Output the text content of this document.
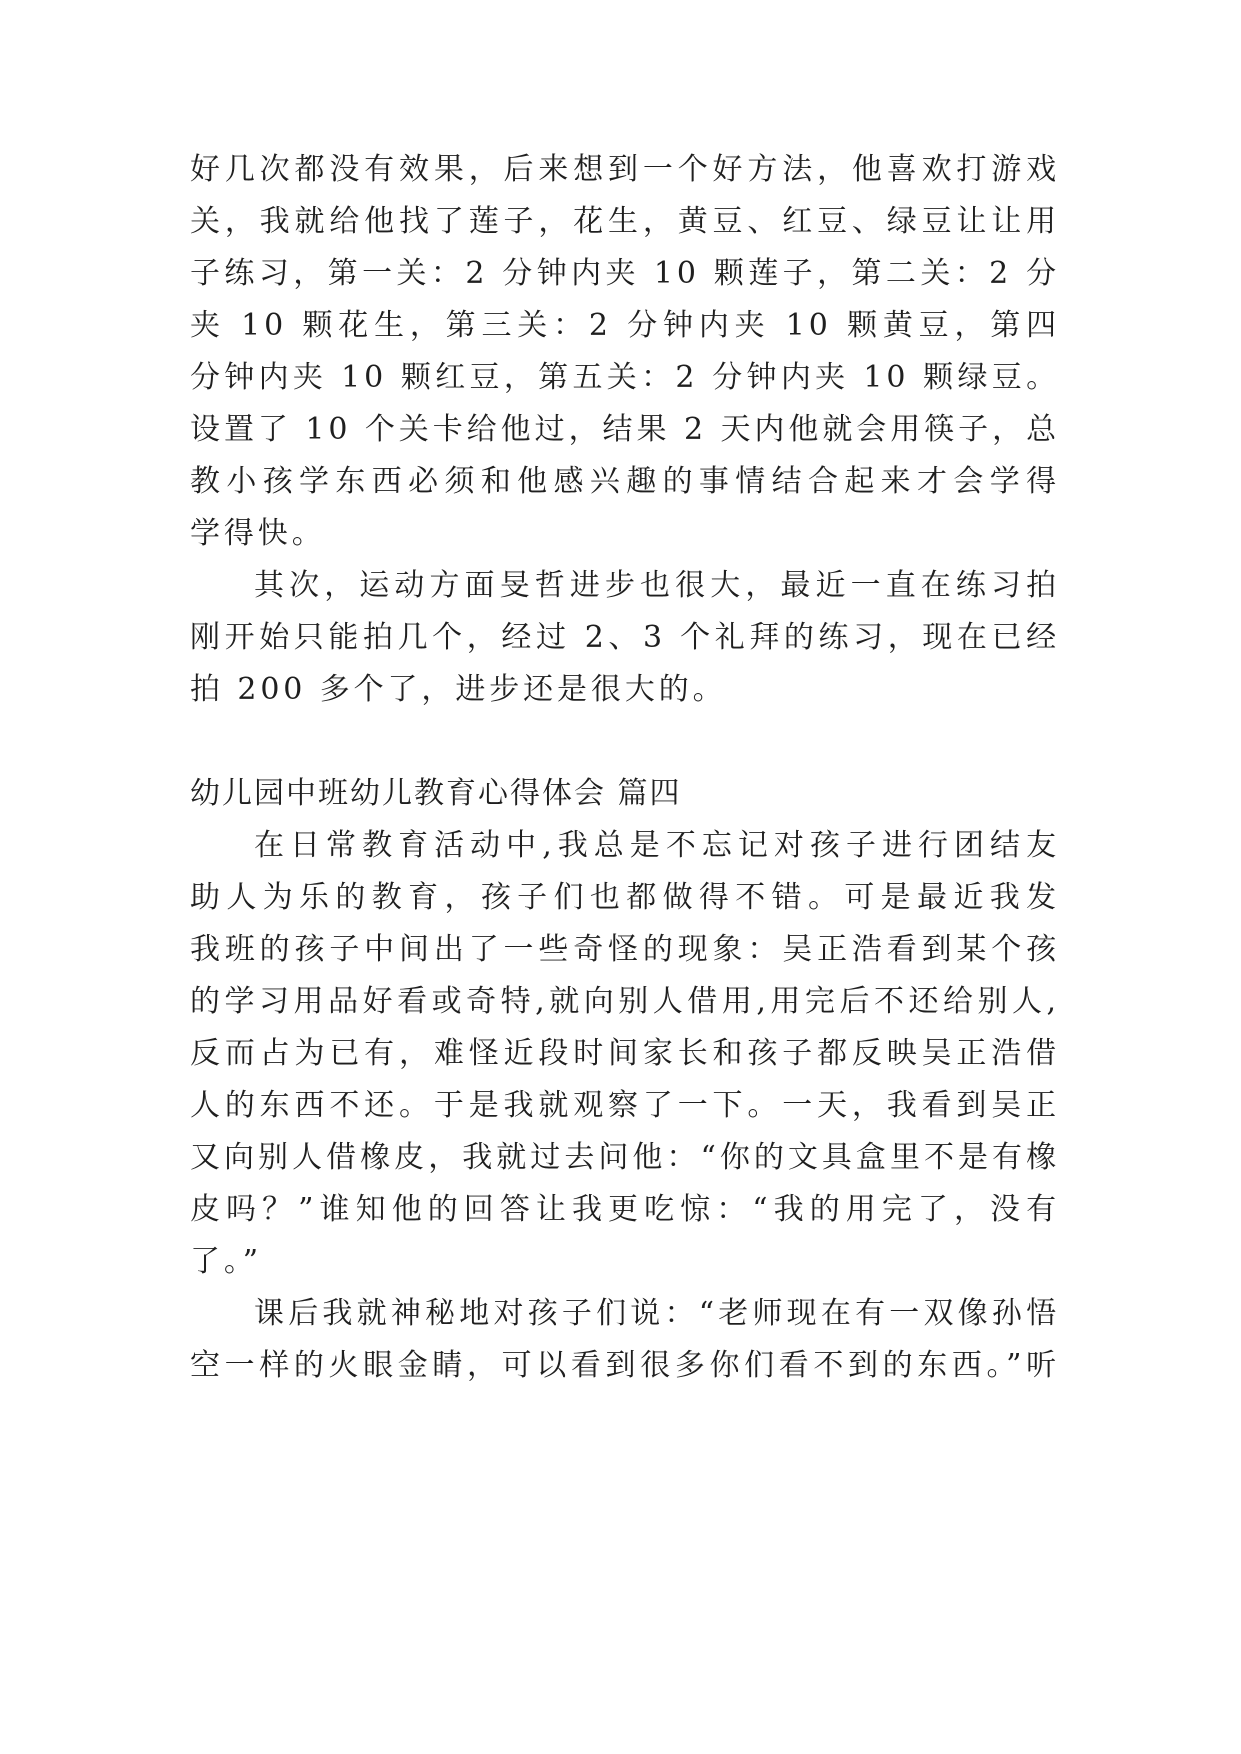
好几次都没有效果，后来想到一个好方法，他喜欢打游戏

关，我就给他找了莲子，花生，黄豆、红豆、绿豆让让用

子练习，第一关：2 分钟内夹 10 颗莲子，第二关：2 分

夹 10 颗花生，第三关：2 分钟内夹 10 颗黄豆，第四

分钟内夹 10 颗红豆，第五关：2 分钟内夹 10 颗绿豆。

设置了 10 个关卡给他过，结果 2 天内他就会用筷子，总

教小孩学东西必须和他感兴趣的事情结合起来才会学得

学得快。

其次，运动方面旻哲进步也很大，最近一直在练习拍

刚开始只能拍几个，经过 2、3 个礼拜的练习，现在已经

拍 200 多个了，进步还是很大的。

幼儿园中班幼儿教育心得体会 篇四

在日常教育活动中,我总是不忘记对孩子进行团结友

助人为乐的教育，孩子们也都做得不错。可是最近我发

我班的孩子中间出了一些奇怪的现象：吴正浩看到某个孩

的学习用品好看或奇特,就向别人借用,用完后不还给别人,

反而占为已有，难怪近段时间家长和孩子都反映吴正浩借

人的东西不还。于是我就观察了一下。一天，我看到吴正

又向别人借橡皮，我就过去问他：“你的文具盒里不是有橡

皮吗？”谁知他的回答让我更吃惊：“我的用完了，没有

了。”

课后我就神秘地对孩子们说：“老师现在有一双像孙悟

空一样的火眼金睛，可以看到很多你们看不到的东西。”听
